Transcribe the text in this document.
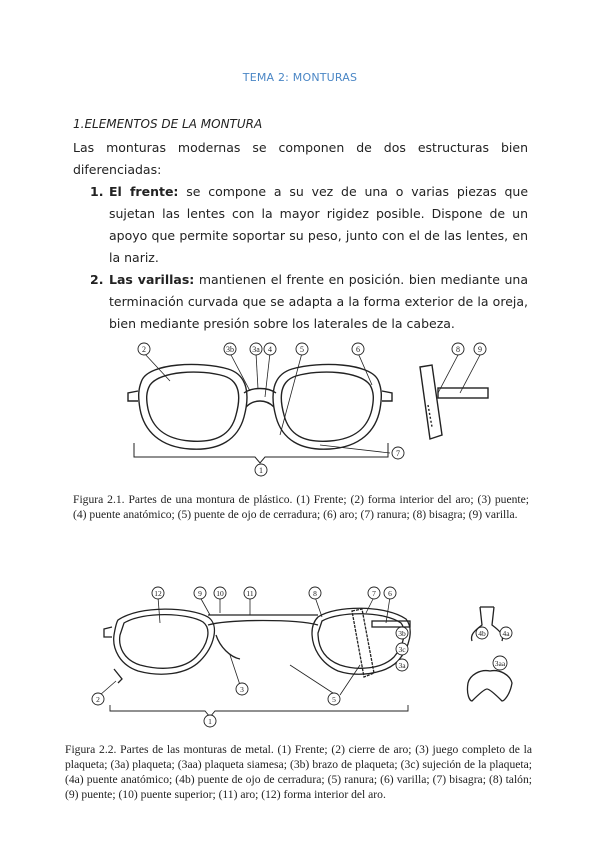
TEMA 2: MONTURAS
1.ELEMENTOS DE LA MONTURA
Las monturas modernas se componen de dos estructuras bien diferenciadas:
1. El frente: se compone a su vez de una o varias piezas que sujetan las lentes con la mayor rigidez posible. Dispone de un apoyo que permite soportar su peso, junto con el de las lentes, en la nariz.
2. Las varillas: mantienen el frente en posición. bien mediante una terminación curvada que se adapta a la forma exterior de la oreja, bien mediante presión sobre los laterales de la cabeza.
2	3b 3a 4	5	6	8 9
7
1
Figura 2.1. Partes de una montura de plástico. (1) Frente; (2) forma interior del aro; (3) puente; (4) puente anatómico; (5) puente de ojo de cerradura; (6) aro; (7) ranura; (8) bisagra; (9) varilla.
12	9 10	11	8	7 6
3b
3c
3a
2
3
5
1
4b 4a
3aa
Figura 2.2. Partes de las monturas de metal. (1) Frente; (2) cierre de aro; (3) juego completo de la plaqueta; (3a) plaqueta; (3aa) plaqueta siamesa; (3b) brazo de plaqueta; (3c) sujeción de la plaqueta; (4a) puente anatómico; (4b) puente de ojo de cerradura; (5) ranura; (6) varilla; (7) bisagra; (8) talón; (9) puente; (10) puente superior; (11) aro; (12) forma interior del aro.
